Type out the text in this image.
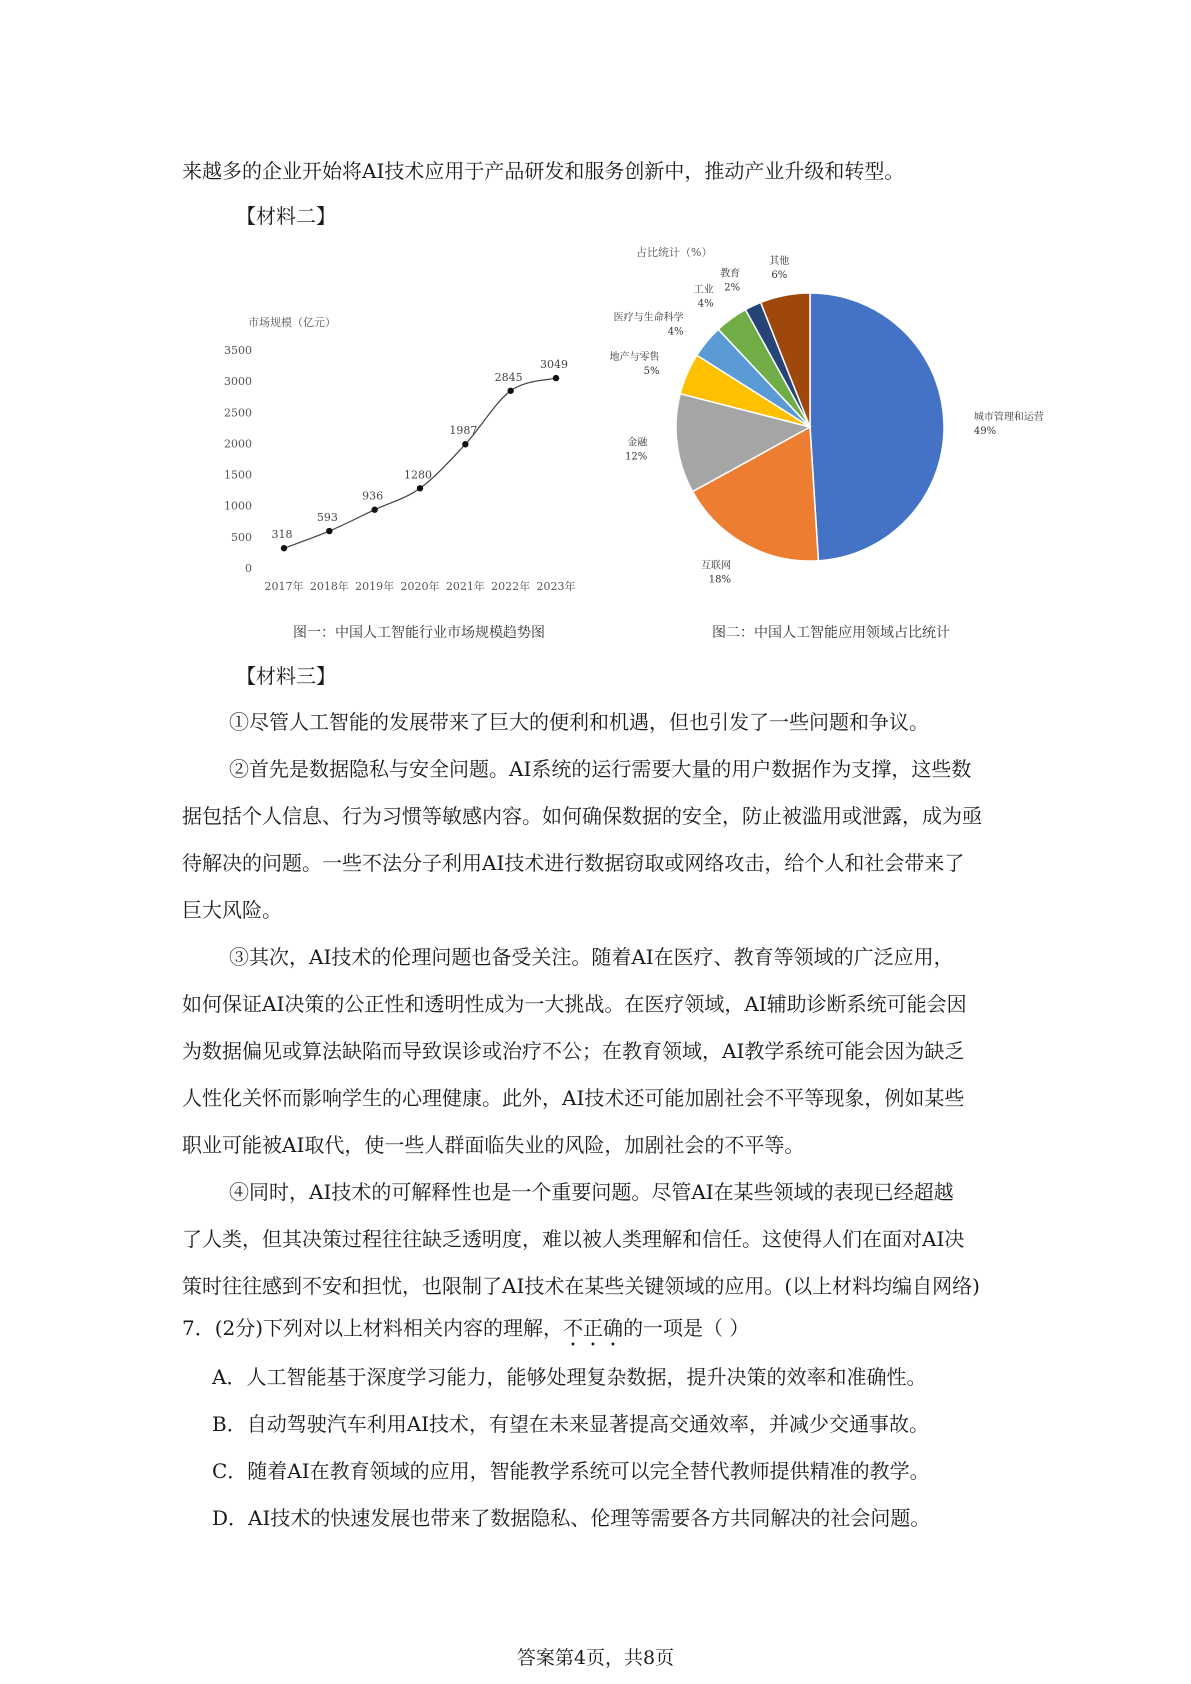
来越多的企业开始将AI技术应用于产品研发和服务创新中，推动产业升级和转型。
【材料二】
市场规模（亿元）
0
500
1000
1500
2000
2500
3000
3500
2017年 2018年 2019年 2020年 2021年 2022年 2023年
318
593
936
1280
1987
2845
3049
图一：中国人工智能行业市场规模趋势图
占比统计（%）
城市管理和运营
49%
互联网
18%
金融
12%
地产与零售
5%
医疗与生命科学
4%
工业
4%
教育
2%
其他
6%
图二：中国人工智能应用领域占比统计
【材料三】
①尽管人工智能的发展带来了巨大的便利和机遇，但也引发了一些问题和争议。
②首先是数据隐私与安全问题。AI系统的运行需要大量的用户数据作为支撑，这些数
据包括个人信息、行为习惯等敏感内容。如何确保数据的安全，防止被滥用或泄露，成为亟
待解决的问题。一些不法分子利用AI技术进行数据窃取或网络攻击，给个人和社会带来了
巨大风险。
③其次，AI技术的伦理问题也备受关注。随着AI在医疗、教育等领域的广泛应用，
如何保证AI决策的公正性和透明性成为一大挑战。在医疗领域，AI辅助诊断系统可能会因
为数据偏见或算法缺陷而导致误诊或治疗不公；在教育领域，AI教学系统可能会因为缺乏
人性化关怀而影响学生的心理健康。此外，AI技术还可能加剧社会不平等现象，例如某些
职业可能被AI取代，使一些人群面临失业的风险，加剧社会的不平等。
④同时，AI技术的可解释性也是一个重要问题。尽管AI在某些领域的表现已经超越
了人类，但其决策过程往往缺乏透明度，难以被人类理解和信任。这使得人们在面对AI决
策时往往感到不安和担忧，也限制了AI技术在某些关键领域的应用。(以上材料均编自网络)
7．(2分)下列对以上材料相关内容的理解，不正确的一项是（ ）
A．人工智能基于深度学习能力，能够处理复杂数据，提升决策的效率和准确性。
B．自动驾驶汽车利用AI技术，有望在未来显著提高交通效率，并减少交通事故。
C．随着AI在教育领域的应用，智能教学系统可以完全替代教师提供精准的教学。
D．AI技术的快速发展也带来了数据隐私、伦理等需要各方共同解决的社会问题。
答案第4页，共8页
